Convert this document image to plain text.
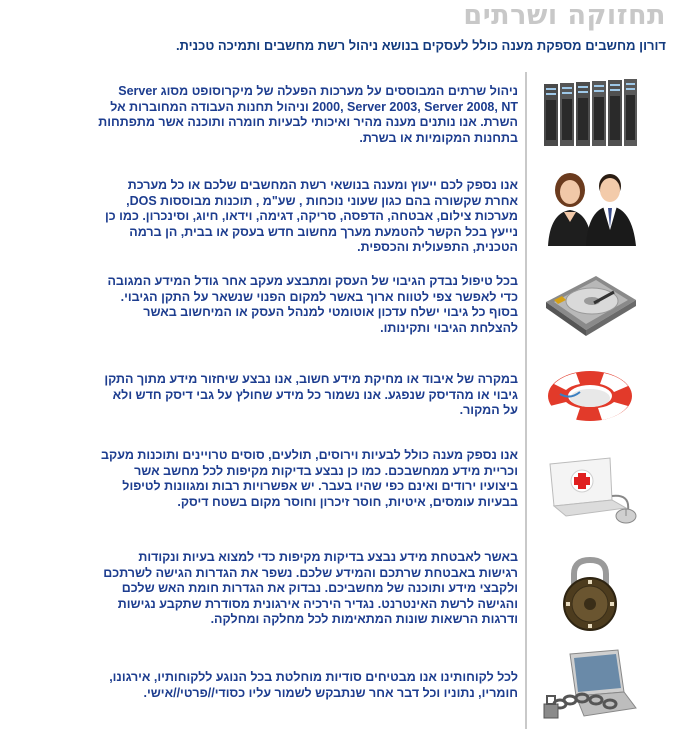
תחזוקה ושרתים
דורון מחשבים מספקת מענה כולל לעסקים בנושא ניהול רשת מחשבים ותמיכה טכנית.
ניהול שרתים המבוססים על מערכות הפעלה של מיקרוסופט מסוג Server 2000, Server 2003, Server 2008, NT וניהול תחנות העבודה המחוברות אל השרת. אנו נותנים מענה מהיר ואיכותי לבעיות חומרה ותוכנה אשר מתפתחות בתחנות המקומיות או בשרת.
אנו נספק לכם ייעוץ ומענה בנושאי רשת המחשבים שלכם או כל מערכת אחרת שקשורה בהם כגון שעוני נוכחות , שע"מ , תוכנות מבוססות DOS, מערכות צילום, אבטחה, הדפסה, סריקה, דגימה, וידאו, חיוג, וסינכרון. כמו כן נייעץ בכל הקשר להטמעת מערך מחשוב חדש בעסק או בבית, הן ברמה הטכנית, התפעולית והכספית.
בכל טיפול נבדק הגיבוי של העסק ומתבצע מעקב אחר גודל המידע המגובה כדי לאפשר צפי לטווח ארוך באשר למקום הפנוי שנשאר על התקן הגיבוי. בסוף כל גיבוי ישלח עדכון אוטומטי למנהל העסק או המיחשוב באשר להצלחת הגיבוי ותקינותו.
במקרה של איבוד או מחיקת מידע חשוב, אנו נבצע שיחזור מידע מתוך התקן גיבוי או מהדיסק שנפגע. אנו נשמור כל מידע שחולץ על גבי דיסק חדש ולא על המקור.
אנו נספק מענה כולל לבעיות וירוסים, תולעים, סוסים טרויינים ותוכנות מעקב וכריית מידע ממחשבכם. כמו כן נבצע בדיקות מקיפות לכל מחשב אשר ביצועיו ירודים ואינם כפי שהיו בעבר. יש אפשרויות רבות ומגוונות לטיפול בבעיות עומסים, איטיות, חוסר זיכרון וחוסר מקום בשטח דיסק.
באשר לאבטחת מידע נבצע בדיקות מקיפות כדי למצוא בעיות ונקודות רגישות באבטחת שרתכם והמידע שלכם. נשפר את הגדרות הגישה לשרתכם ולקבצי מידע ותוכנה של מחשביכם. נבדוק את הגדרות חומת האש שלכם והגישה לרשת האינטרנט. נגדיר הירכיה אירגונית מסודרת שתקבע נגישות ודרגות הרשאות שונות המתאימות לכל מחלקה ומחלקה.
לכל לקוחותינו אנו מבטיחים סודיות מוחלטת בכל הנוגע ללקוחותיו, אירגונו, חומריו, נתוניו וכל דבר אחר שנתבקש לשמור עליו כסודי//פרטי//אישי.
